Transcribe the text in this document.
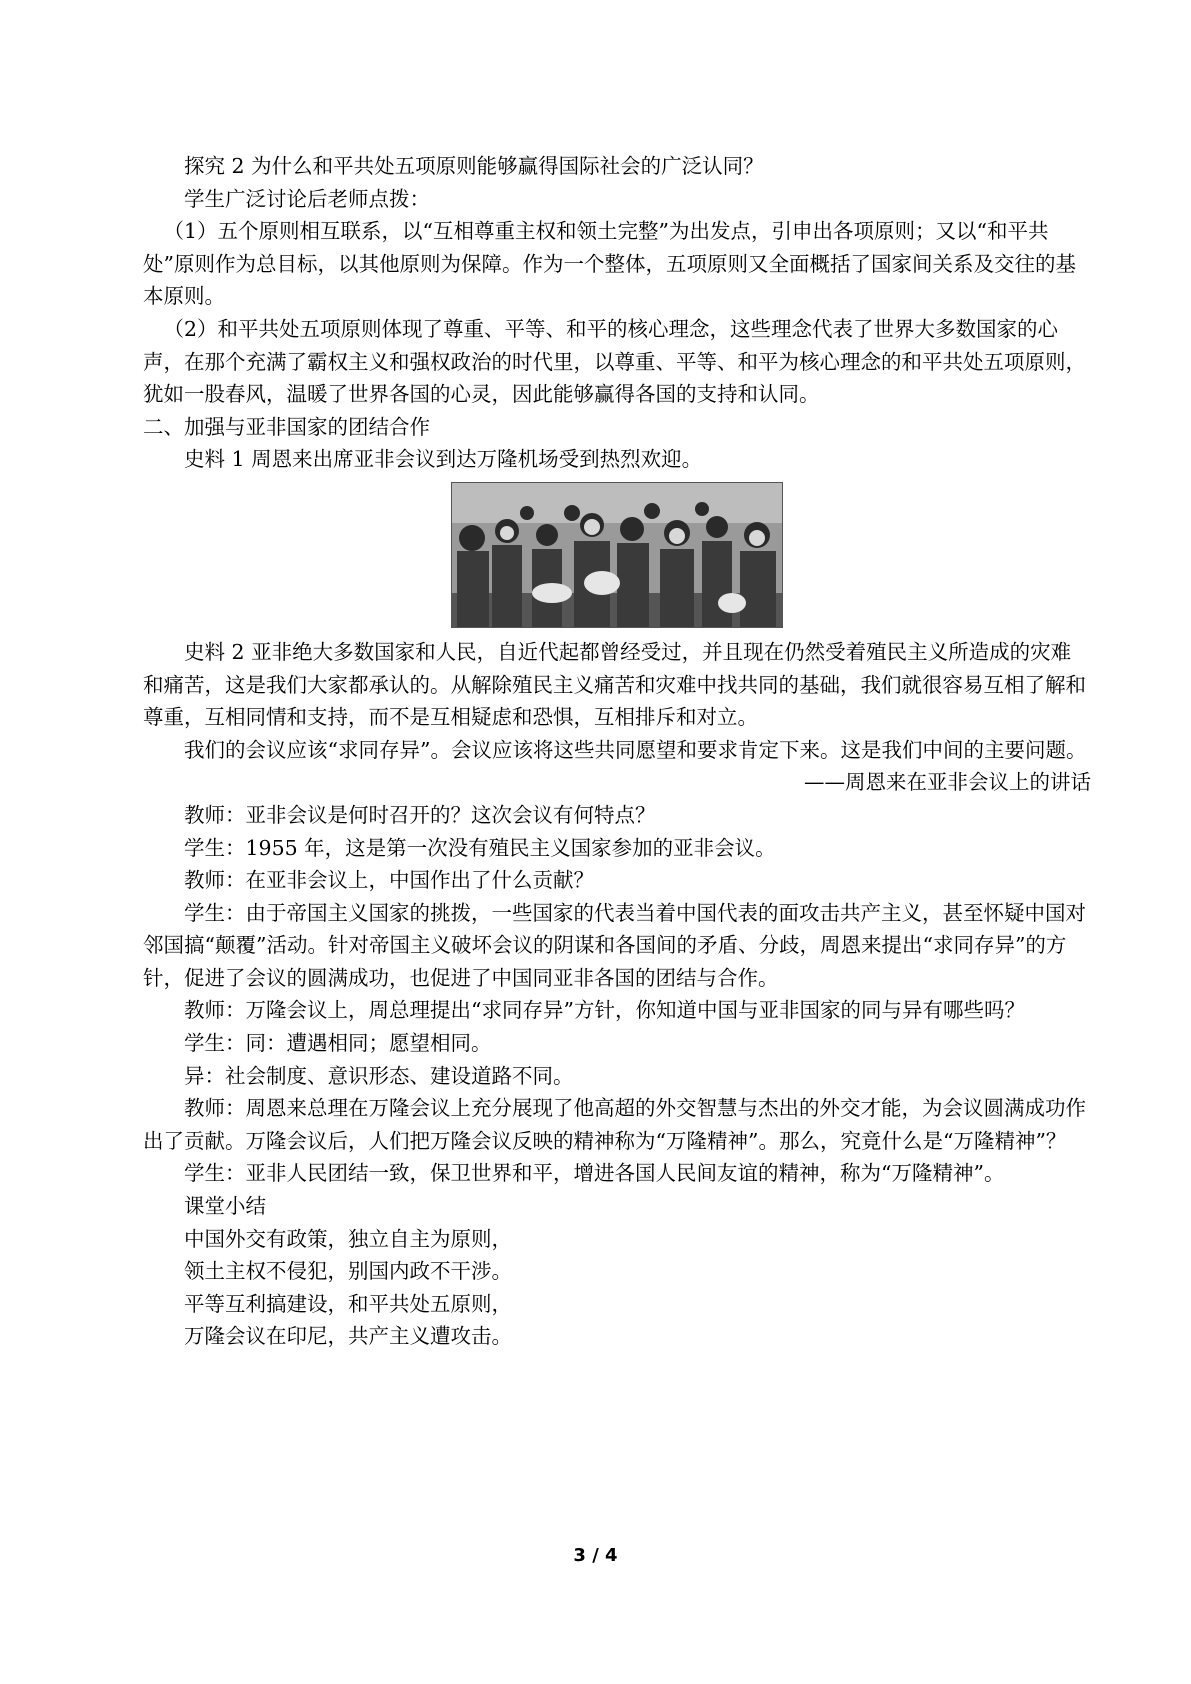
探究 2 为什么和平共处五项原则能够赢得国际社会的广泛认同？

学生广泛讨论后老师点拨：

（1）五个原则相互联系，以“互相尊重主权和领土完整”为出发点，引申出各项原则；又以“和平共处”原则作为总目标，以其他原则为保障。作为一个整体，五项原则又全面概括了国家间关系及交往的基本原则。

（2）和平共处五项原则体现了尊重、平等、和平的核心理念，这些理念代表了世界大多数国家的心声，在那个充满了霸权主义和强权政治的时代里，以尊重、平等、和平为核心理念的和平共处五项原则，犹如一股春风，温暖了世界各国的心灵，因此能够赢得各国的支持和认同。

二、加强与亚非国家的团结合作

史料 1 周恩来出席亚非会议到达万隆机场受到热烈欢迎。

史料 2 亚非绝大多数国家和人民，自近代起都曾经受过，并且现在仍然受着殖民主义所造成的灾难和痛苦，这是我们大家都承认的。从解除殖民主义痛苦和灾难中找共同的基础，我们就很容易互相了解和尊重，互相同情和支持，而不是互相疑虑和恐惧，互相排斥和对立。

我们的会议应该“求同存异”。会议应该将这些共同愿望和要求肯定下来。这是我们中间的主要问题。

——周恩来在亚非会议上的讲话

教师：亚非会议是何时召开的？这次会议有何特点？

学生：1955 年，这是第一次没有殖民主义国家参加的亚非会议。

教师：在亚非会议上，中国作出了什么贡献？

学生：由于帝国主义国家的挑拨，一些国家的代表当着中国代表的面攻击共产主义，甚至怀疑中国对邻国搞“颠覆”活动。针对帝国主义破坏会议的阴谋和各国间的矛盾、分歧，周恩来提出“求同存异”的方针，促进了会议的圆满成功，也促进了中国同亚非各国的团结与合作。

教师：万隆会议上，周总理提出“求同存异”方针，你知道中国与亚非国家的同与异有哪些吗？

学生：同：遭遇相同；愿望相同。

异：社会制度、意识形态、建设道路不同。

教师：周恩来总理在万隆会议上充分展现了他高超的外交智慧与杰出的外交才能，为会议圆满成功作出了贡献。万隆会议后，人们把万隆会议反映的精神称为“万隆精神”。那么，究竟什么是“万隆精神”？

学生：亚非人民团结一致，保卫世界和平，增进各国人民间友谊的精神，称为“万隆精神”。

课堂小结

中国外交有政策，独立自主为原则，

领土主权不侵犯，别国内政不干涉。

平等互利搞建设，和平共处五原则，

万隆会议在印尼，共产主义遭攻击。

3 / 4
